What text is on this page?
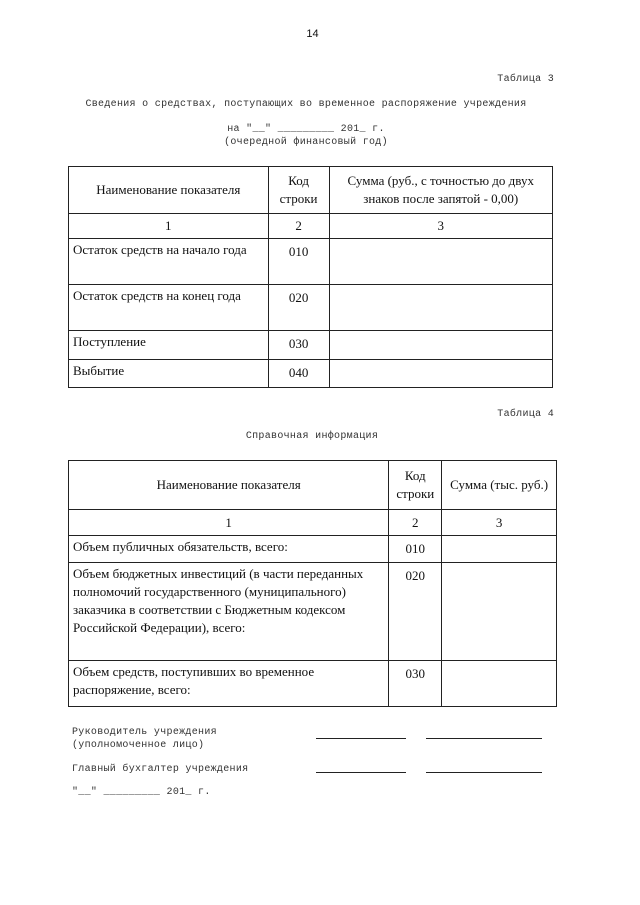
14
Таблица 3
Сведения о средствах, поступающих во временное распоряжение учреждения
на "__" _________ 201_ г.
(очередной финансовый год)
Наименование показателя	Код строки	Сумма (руб., с точностью до двух знаков после запятой - 0,00)
1	2	3
Остаток средств на начало года	010	
Остаток средств на конец года	020	
Поступление	030	
Выбытие	040	
Таблица 4
Справочная информация
Наименование показателя	Код строки	Сумма (тыс. руб.)
1	2	3
Объем публичных обязательств, всего:	010	
Объем бюджетных инвестиций (в части переданных полномочий государственного (муниципального) заказчика в соответствии с Бюджетным кодексом Российской Федерации), всего:	020	
Объем средств, поступивших во временное распоряжение, всего:	030	
Руководитель учреждения
(уполномоченное лицо)
Главный бухгалтер учреждения
"__" _________ 201_ г.
